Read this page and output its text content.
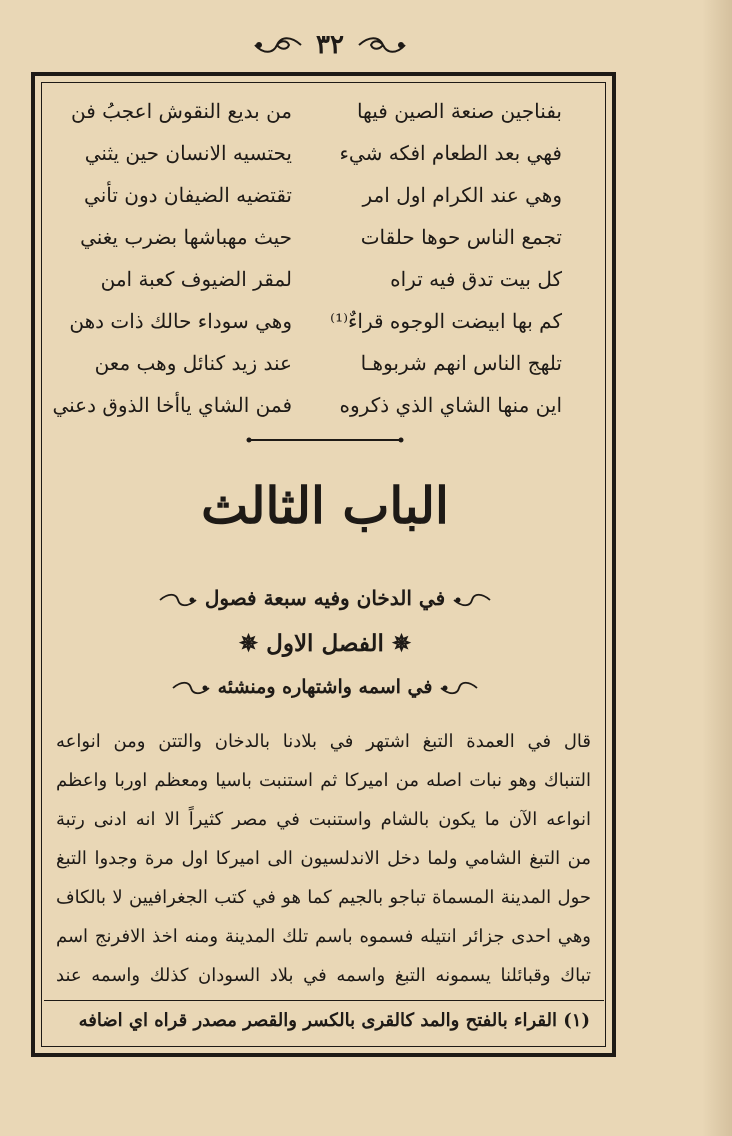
٣٢
بفناجين صنعة الصين فيها
من بديع النقوش اعجبُ فن
فهي بعد الطعام افكه شيء
يحتسيه الانسان حين يثني
وهي عند الكرام اول امر
تقتضيه الضيفان دون تأني
تجمع الناس حوها حلقات
حيث مهباشها بضرب يغني
كل بيت تدق فيه تراه
لمقر الضيوف كعبة امن
كم بها ابيضت الوجوه قراءٌ⁽¹⁾
وهي سوداء حالك ذات دهن
تلهج الناس انهم شربوهـا
عند زيد كنائل وهب معن
اين منها الشاي الذي ذكروه
فمن الشاي ياأخا الذوق دعني
الباب الثالث
في الدخان وفيه سبعة فصول
✵ الفصل الاول ✵
في اسمه واشتهاره ومنشئه
قال في العمدة التبغ اشتهر في بلادنا بالدخان والتتن ومن انواعه
التنباك وهو نبات اصله من اميركا ثم استنبت باسيا ومعظم اوربا واعظم
انواعه الآن ما يكون بالشام واستنبت في مصر كثيراً الا انه ادنى رتبة
من التبغ الشامي ولما دخل الاندلسيون الى اميركا اول مرة وجدوا التبغ
حول المدينة المسماة تباجو بالجيم كما هو في كتب الجغرافيين لا بالكاف
وهي احدى جزائر انتيله فسموه باسم تلك المدينة ومنه اخذ الافرنج اسم
تباك وقبائلنا يسمونه التبغ واسمه في بلاد السودان كذلك واسمه عند
(١) القراء بالفتح والمد كالقرى بالكسر والقصر مصدر قراه اي اضافه
